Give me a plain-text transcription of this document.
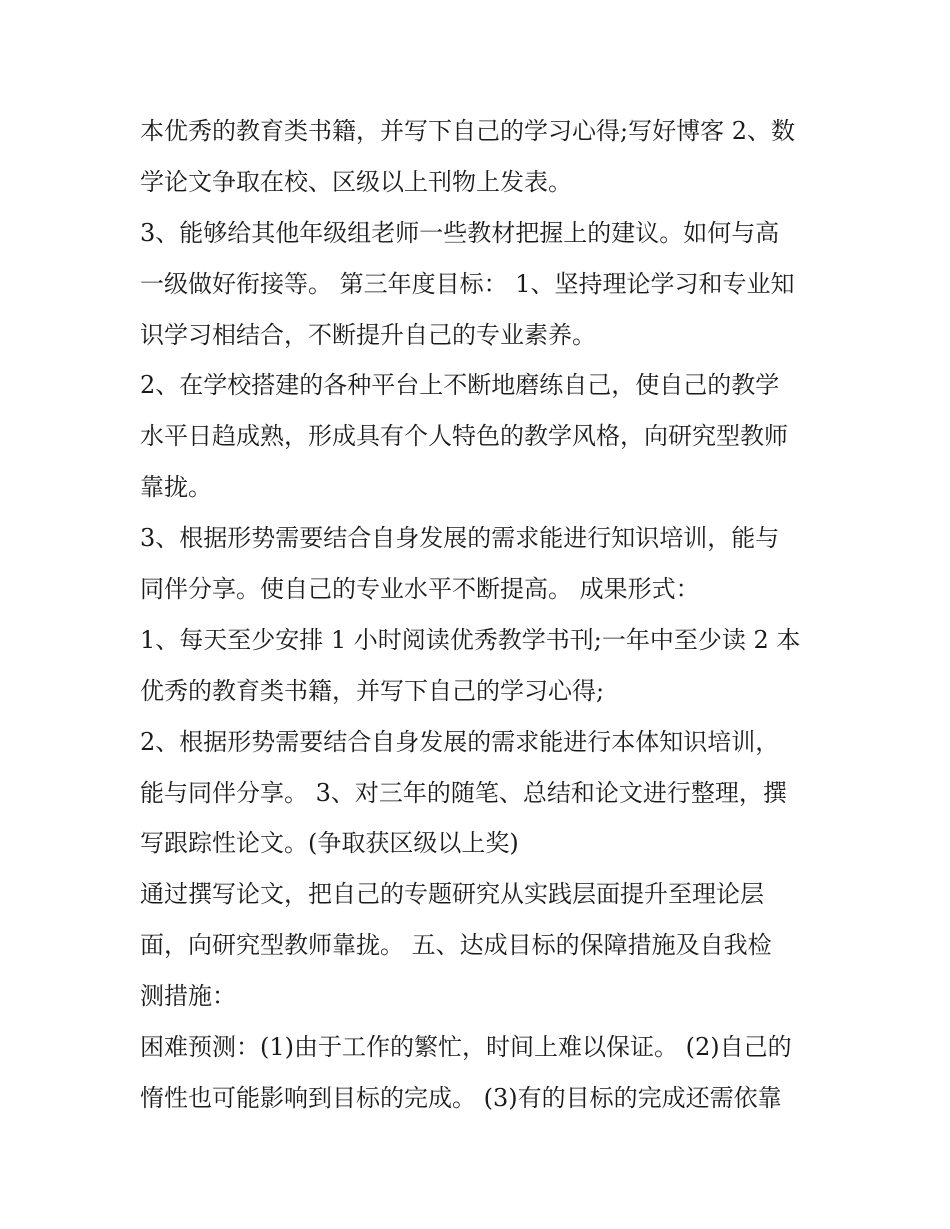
本优秀的教育类书籍，并写下自己的学习心得;写好博客 2、数
学论文争取在校、区级以上刊物上发表。

3、能够给其他年级组老师一些教材把握上的建议。如何与高
一级做好衔接等。 第三年度目标： 1、坚持理论学习和专业知
识学习相结合，不断提升自己的专业素养。

2、在学校搭建的各种平台上不断地磨练自己，使自己的教学
水平日趋成熟，形成具有个人特色的教学风格，向研究型教师
靠拢。

3、根据形势需要结合自身发展的需求能进行知识培训，能与
同伴分享。使自己的专业水平不断提高。 成果形式：

1、每天至少安排 1 小时阅读优秀教学书刊;一年中至少读 2 本
优秀的教育类书籍，并写下自己的学习心得;

2、根据形势需要结合自身发展的需求能进行本体知识培训，
能与同伴分享。 3、对三年的随笔、总结和论文进行整理，撰
写跟踪性论文。(争取获区级以上奖)

通过撰写论文，把自己的专题研究从实践层面提升至理论层
面，向研究型教师靠拢。 五、达成目标的保障措施及自我检
测措施：

困难预测：(1)由于工作的繁忙，时间上难以保证。 (2)自己的
惰性也可能影响到目标的完成。 (3)有的目标的完成还需依靠
